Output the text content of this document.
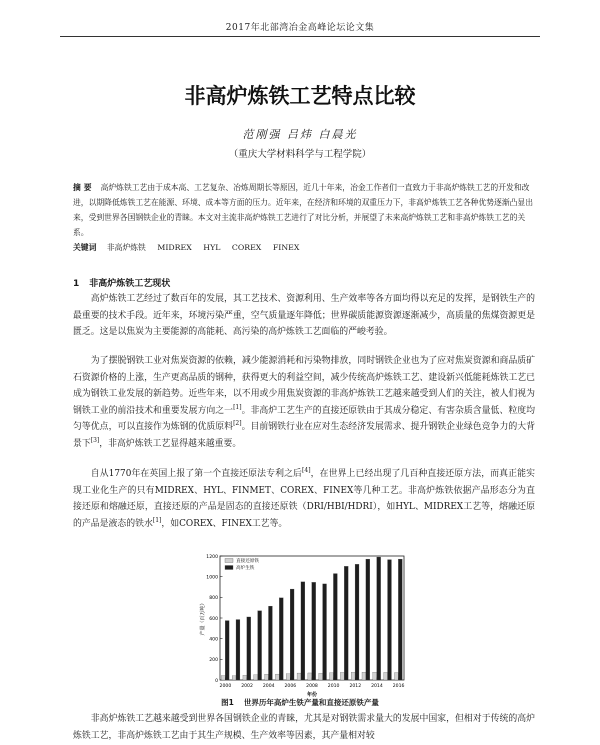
2017年北部湾冶金高峰论坛论文集
非高炉炼铁工艺特点比较
范刚强 吕炜 白晨光
（重庆大学材料科学与工程学院）
摘要 高炉炼铁工艺由于成本高、工艺复杂、冶炼周期长等原因，近几十年来，冶金工作者们一直致力于非高炉炼铁工艺的开发和改进，以期降低炼铁工艺在能源、环境、成本等方面的压力。近年来，在经济和环境的双重压力下，非高炉炼铁工艺各种优势逐渐凸显出来，受到世界各国钢铁企业的青睐。本文对主流非高炉炼铁工艺进行了对比分析，并展望了未来高炉炼铁工艺和非高炉炼铁工艺的关系。
关键词 非高炉炼铁 MIDREX HYL COREX FINEX
1 非高炉炼铁工艺现状
高炉炼铁工艺经过了数百年的发展，其工艺技术、资源利用、生产效率等各方面均得以充足的发挥，是钢铁生产的最重要的技术手段。近年来，环境污染严重，空气质量逐年降低；世界碳质能源资源逐渐减少，高质量的焦煤资源更是匮乏。这是以焦炭为主要能源的高能耗、高污染的高炉炼铁工艺面临的严峻考验。
为了摆脱钢铁工业对焦炭资源的依赖，减少能源消耗和污染物排放，同时钢铁企业也为了应对焦炭资源和商品质矿石资源价格的上涨，生产更高品质的钢种，获得更大的利益空间，减少传统高炉炼铁工艺、建设新兴低能耗炼铁工艺已成为钢铁工业发展的新趋势。近些年来，以不用或少用焦炭资源的非高炉炼铁工艺越来越受到人们的关注，被人们视为钢铁工业的前沿技术和重要发展方向之一[1]。非高炉工艺生产的直接还原铁由于其成分稳定、有害杂质含量低、粒度均匀等优点，可以直接作为炼钢的优质原料[2]。目前钢铁行业在应对生态经济发展需求、提升钢铁企业绿色竞争力的大背景下[3]，非高炉炼铁工艺显得越来越重要。
自从1770年在英国上报了第一个直接还原法专利之后[4]，在世界上已经出现了几百种直接还原方法，而真正能实现工业化生产的只有MIDREX、HYL、FINMET、COREX、FINEX等几种工艺。非高炉炼铁依据产品形态分为直接还原和熔融还原，直接还原的产品是固态的直接还原铁（DRI/HBI/HDRI），如HYL、MIDREX工艺等，熔融还原的产品是液态的铁水[1]，如COREX、FINEX工艺等。
0
200
400
600
800
1000
1200
2000 2002 2004 2006 2008 2010 2012 2014 2016
年份
产量（百万吨）
直接还原铁
高炉生铁
图1 世界历年高炉生铁产量和直接还原铁产量
非高炉炼铁工艺越来越受到世界各国钢铁企业的青睐，尤其是对钢铁需求量大的发展中国家，但相对于传统的高炉炼铁工艺，非高炉炼铁工艺由于其生产规模、生产效率等因素，其产量相对较
